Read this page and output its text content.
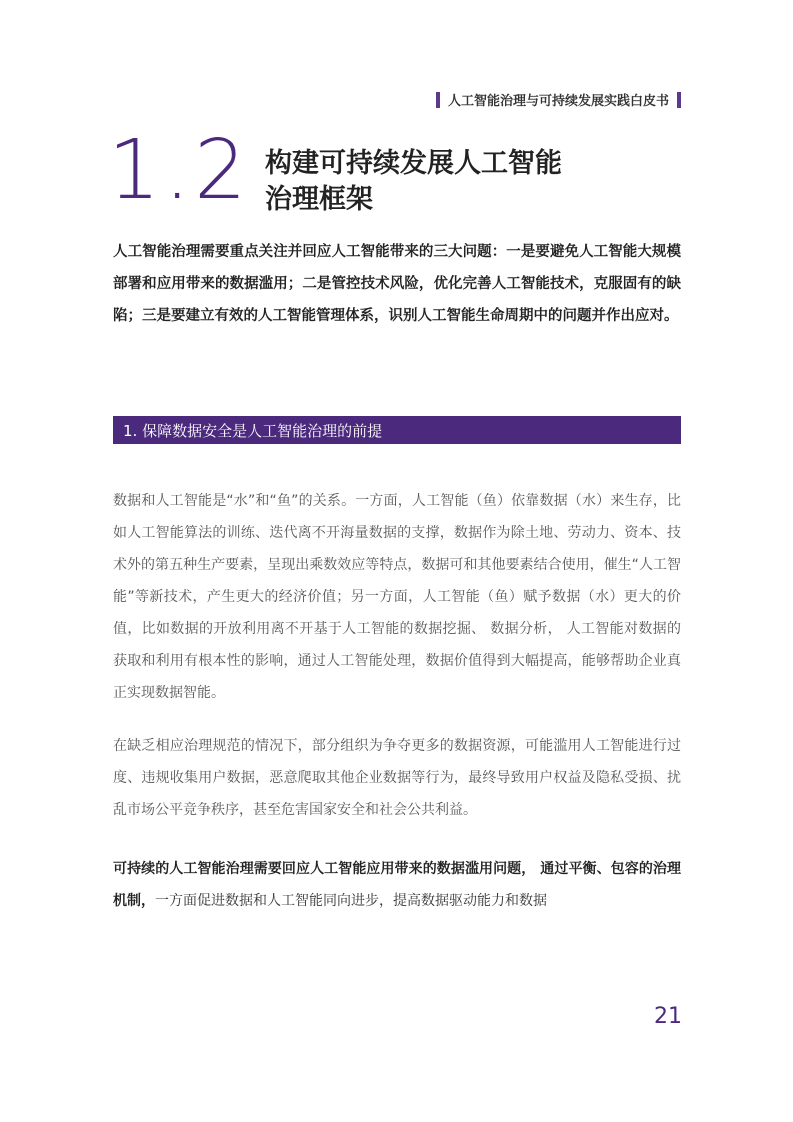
人工智能治理与可持续发展实践白皮书
1.2 构建可持续发展人工智能
治理框架
人工智能治理需要重点关注并回应人工智能带来的三大问题：一是要避免人工智能大规模部署和应用带来的数据滥用；二是管控技术风险，优化完善人工智能技术，克服固有的缺陷；三是要建立有效的人工智能管理体系，识别人工智能生命周期中的问题并作出应对。
1. 保障数据安全是人工智能治理的前提
数据和人工智能是“水”和“鱼”的关系。一方面，人工智能（鱼）依靠数据（水）来生存，比如人工智能算法的训练、迭代离不开海量数据的支撑，数据作为除土地、劳动力、资本、技术外的第五种生产要素，呈现出乘数效应等特点，数据可和其他要素结合使用，催生“人工智能”等新技术，产生更大的经济价值；另一方面，人工智能（鱼）赋予数据（水）更大的价值，比如数据的开放利用离不开基于人工智能的数据挖掘、 数据分析， 人工智能对数据的获取和利用有根本性的影响，通过人工智能处理，数据价值得到大幅提高，能够帮助企业真正实现数据智能。
在缺乏相应治理规范的情况下，部分组织为争夺更多的数据资源，可能滥用人工智能进行过度、违规收集用户数据，恶意爬取其他企业数据等行为，最终导致用户权益及隐私受损、扰乱市场公平竞争秩序，甚至危害国家安全和社会公共利益。
可持续的人工智能治理需要回应人工智能应用带来的数据滥用问题， 通过平衡、包容的治理机制，一方面促进数据和人工智能同向进步，提高数据驱动能力和数据
21
